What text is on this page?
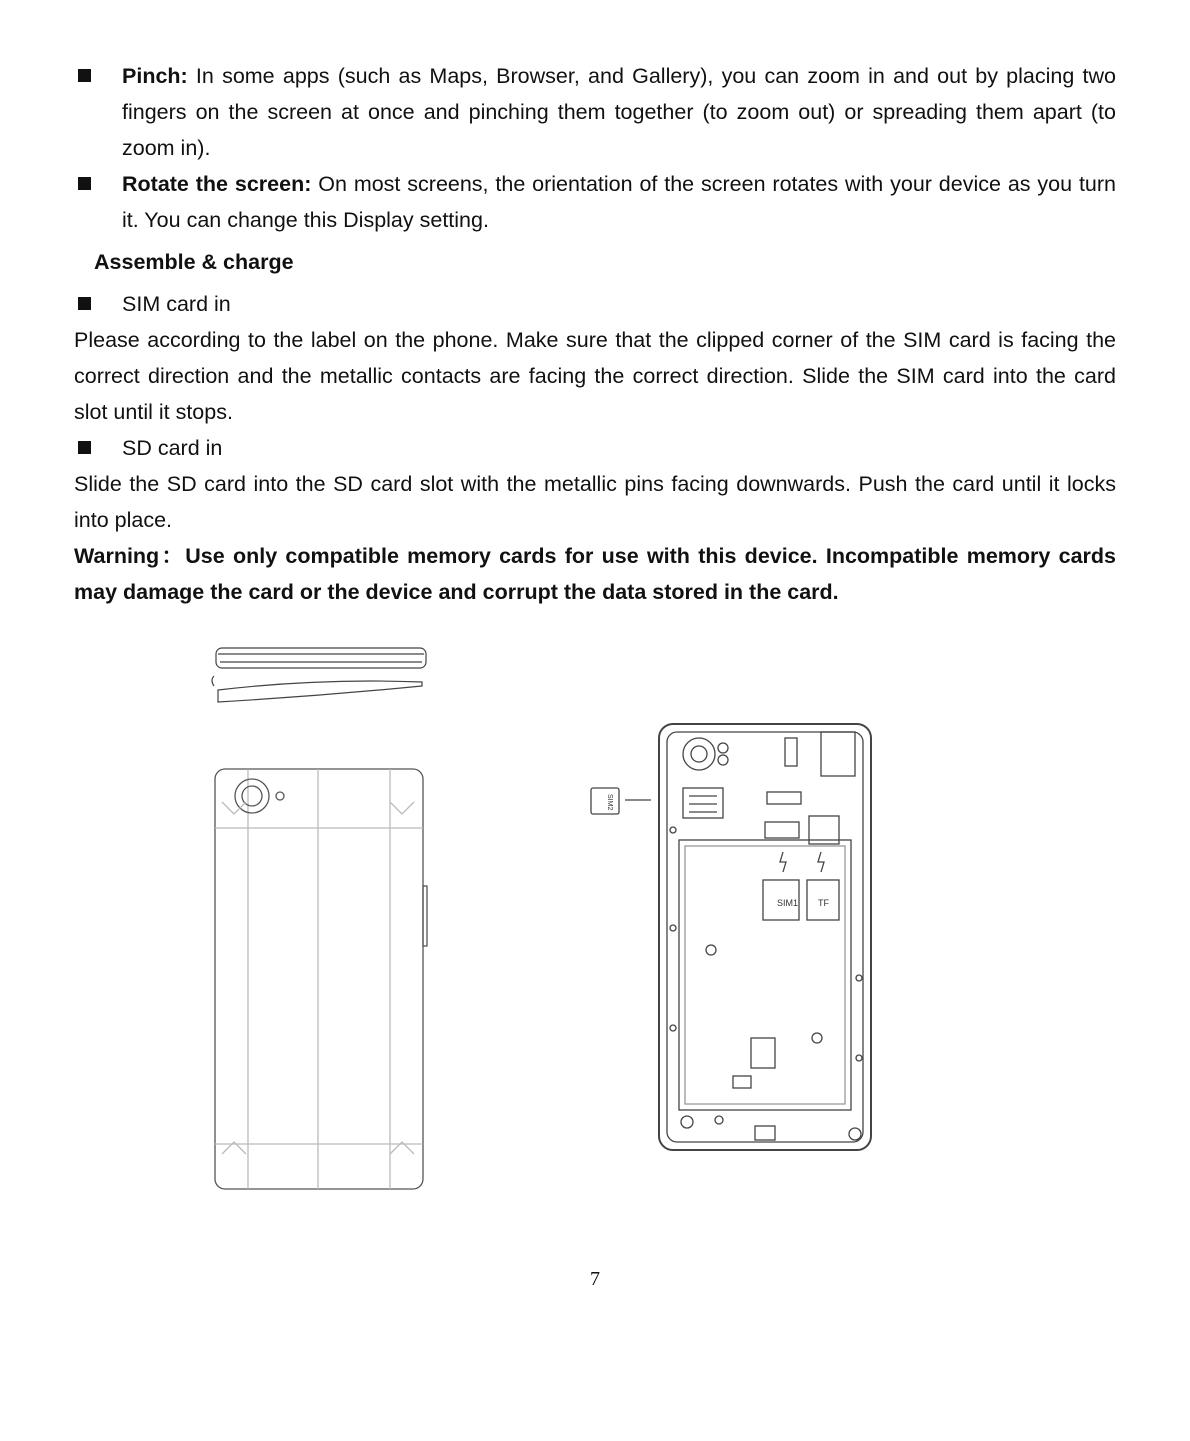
Pinch: In some apps (such as Maps, Browser, and Gallery), you can zoom in and out by placing two fingers on the screen at once and pinching them together (to zoom out) or spreading them apart (to zoom in).
Rotate the screen: On most screens, the orientation of the screen rotates with your device as you turn it. You can change this Display setting.
Assemble & charge
SIM card in
Please according to the label on the phone. Make sure that the clipped corner of the SIM card is facing the correct direction and the metallic contacts are facing the correct direction. Slide the SIM card into the card slot until it stops.
SD card in
Slide the SD card into the SD card slot with the metallic pins facing downwards. Push the card until it locks into place.
Warning：Use only compatible memory cards for use with this device. Incompatible memory cards may damage the card or the device and corrupt the data stored in the card.
SIM1 TF
SIM2
7
